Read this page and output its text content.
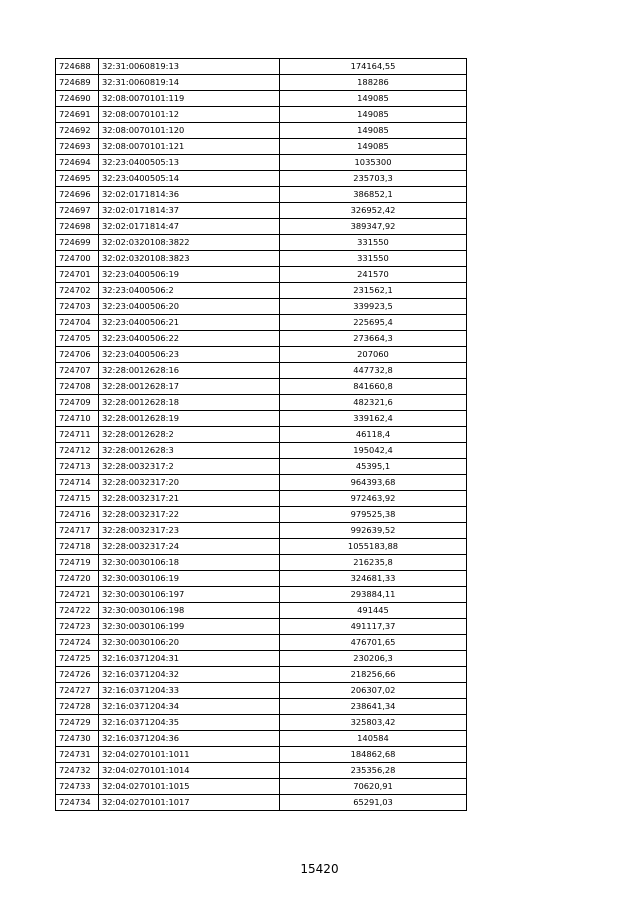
724688	32:31:0060819:13	174164,55
724689	32:31:0060819:14	188286
724690	32:08:0070101:119	149085
724691	32:08:0070101:12	149085
724692	32:08:0070101:120	149085
724693	32:08:0070101:121	149085
724694	32:23:0400505:13	1035300
724695	32:23:0400505:14	235703,3
724696	32:02:0171814:36	386852,1
724697	32:02:0171814:37	326952,42
724698	32:02:0171814:47	389347,92
724699	32:02:0320108:3822	331550
724700	32:02:0320108:3823	331550
724701	32:23:0400506:19	241570
724702	32:23:0400506:2	231562,1
724703	32:23:0400506:20	339923,5
724704	32:23:0400506:21	225695,4
724705	32:23:0400506:22	273664,3
724706	32:23:0400506:23	207060
724707	32:28:0012628:16	447732,8
724708	32:28:0012628:17	841660,8
724709	32:28:0012628:18	482321,6
724710	32:28:0012628:19	339162,4
724711	32:28:0012628:2	46118,4
724712	32:28:0012628:3	195042,4
724713	32:28:0032317:2	45395,1
724714	32:28:0032317:20	964393,68
724715	32:28:0032317:21	972463,92
724716	32:28:0032317:22	979525,38
724717	32:28:0032317:23	992639,52
724718	32:28:0032317:24	1055183,88
724719	32:30:0030106:18	216235,8
724720	32:30:0030106:19	324681,33
724721	32:30:0030106:197	293884,11
724722	32:30:0030106:198	491445
724723	32:30:0030106:199	491117,37
724724	32:30:0030106:20	476701,65
724725	32:16:0371204:31	230206,3
724726	32:16:0371204:32	218256,66
724727	32:16:0371204:33	206307,02
724728	32:16:0371204:34	238641,34
724729	32:16:0371204:35	325803,42
724730	32:16:0371204:36	140584
724731	32:04:0270101:1011	184862,68
724732	32:04:0270101:1014	235356,28
724733	32:04:0270101:1015	70620,91
724734	32:04:0270101:1017	65291,03
15420
